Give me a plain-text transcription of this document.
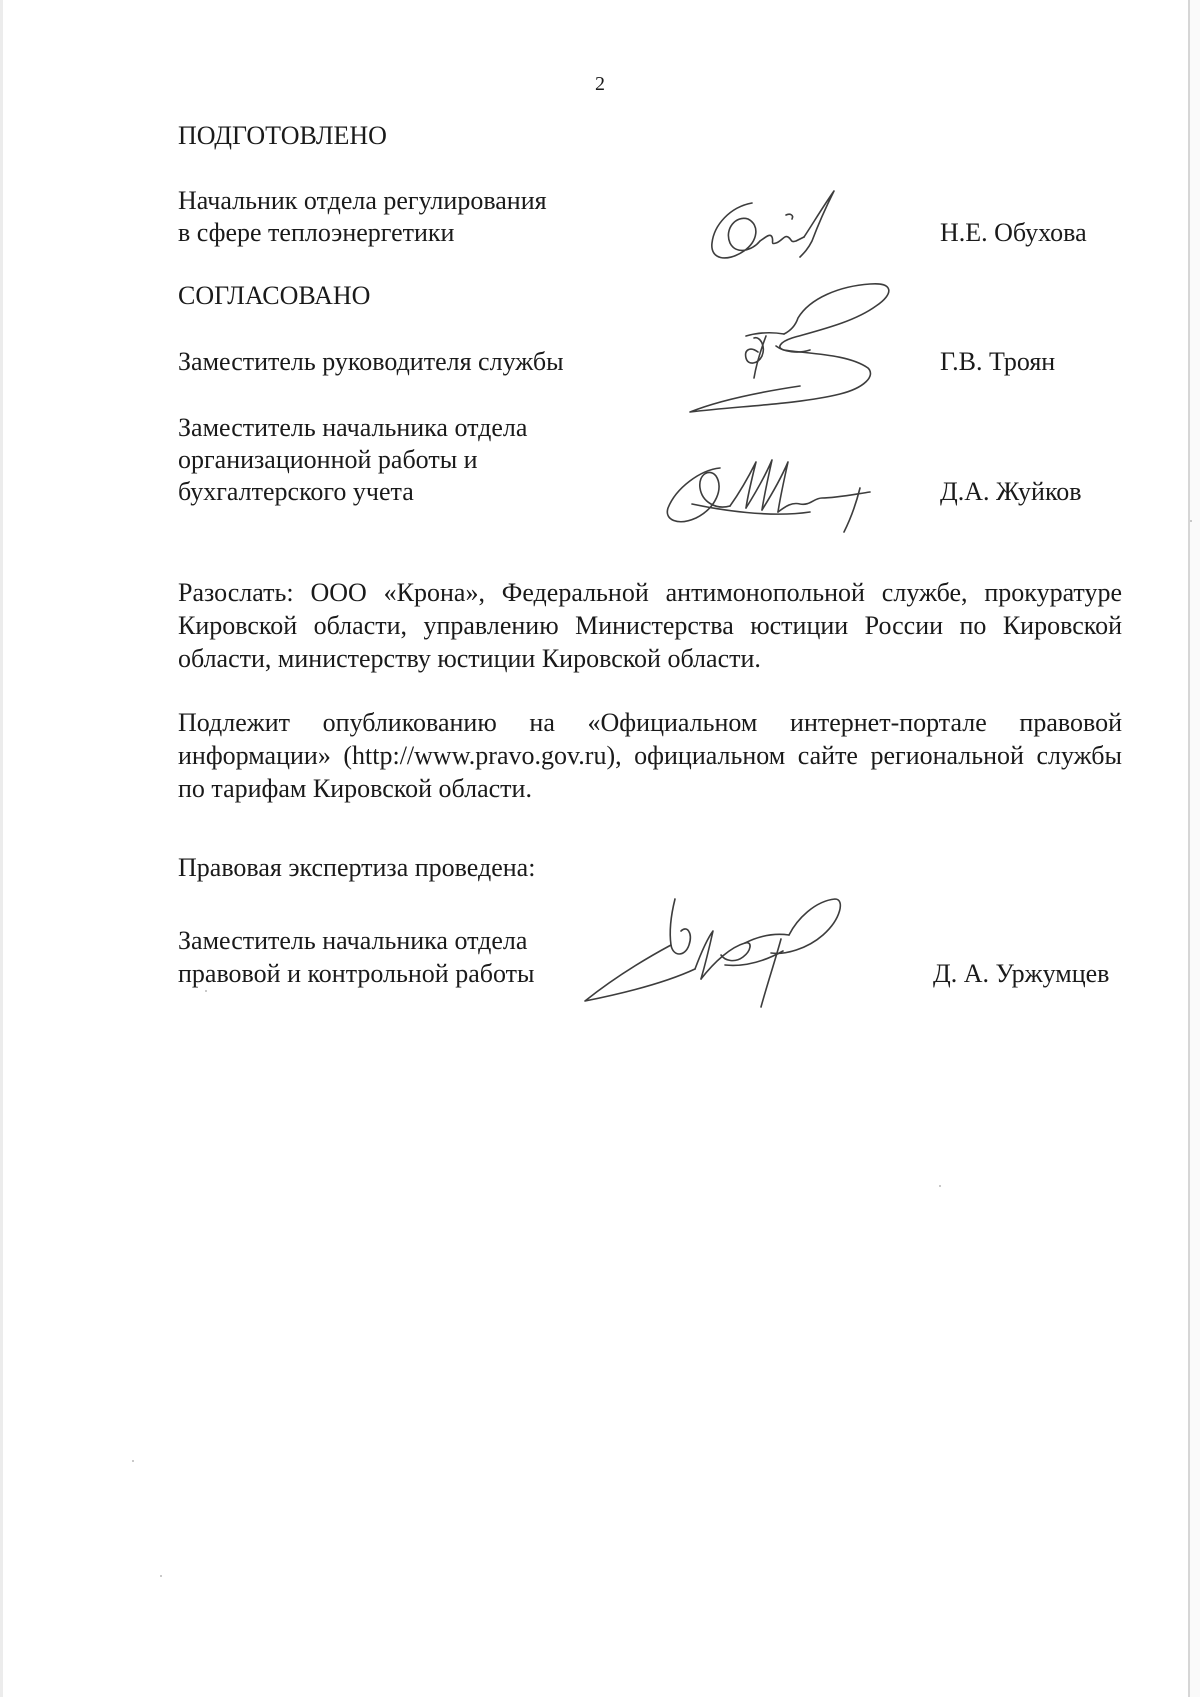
2
ПОДГОТОВЛЕНО
Начальник отдела регулирования
в сфере теплоэнергетики	Н.Е. Обухова
СОГЛАСОВАНО
Заместитель руководителя службы	Г.В. Троян
Заместитель начальника отдела
организационной работы и
бухгалтерского учета	Д.А. Жуйков
Разослать: ООО «Крона», Федеральной антимонопольной службе, прокуратуре Кировской области, управлению Министерства юстиции России по Кировской области, министерству юстиции Кировской области.
Подлежит опубликованию на «Официальном интернет-портале правовой информации» (http://www.pravo.gov.ru), официальном сайте региональной службы по тарифам Кировской области.
Правовая экспертиза проведена:
Заместитель начальника отдела
правовой и контрольной работы	Д. А. Уржумцев
